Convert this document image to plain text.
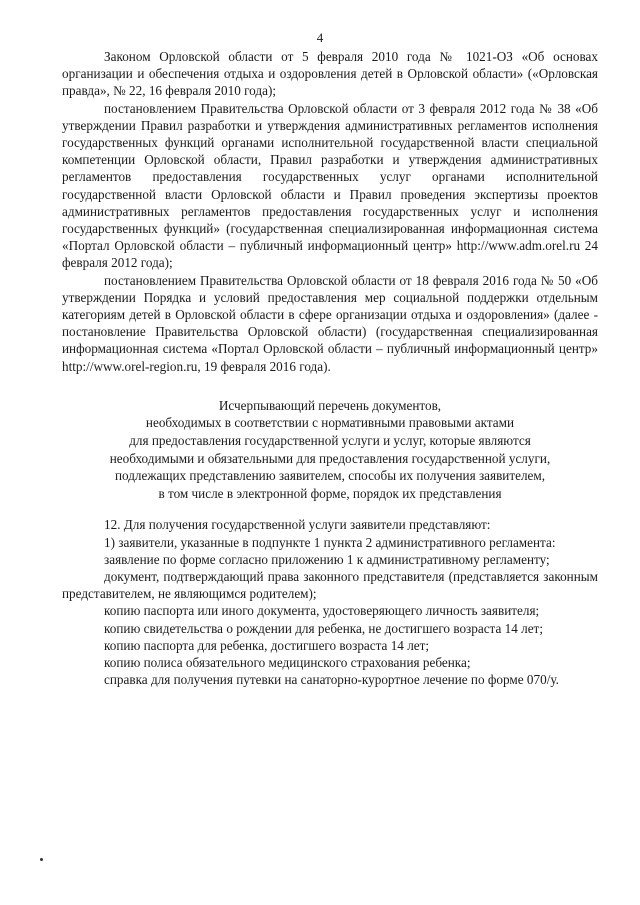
4

Законом Орловской области от 5 февраля 2010 года № 1021-ОЗ «Об основах организации и обеспечения отдыха и оздоровления детей в Орловской области» («Орловская правда», № 22, 16 февраля 2010 года);

постановлением Правительства Орловской области от 3 февраля 2012 года № 38 «Об утверждении Правил разработки и утверждения административных регламентов исполнения государственных функций органами исполнительной государственной власти специальной компетенции Орловской области, Правил разработки и утверждения административных регламентов предоставления государственных услуг органами исполнительной государственной власти Орловской области и Правил проведения экспертизы проектов административных регламентов предоставления государственных услуг и исполнения государственных функций» (государственная специализированная информационная система «Портал Орловской области – публичный информационный центр» http://www.adm.orel.ru 24 февраля 2012 года);

постановлением Правительства Орловской области от 18 февраля 2016 года № 50 «Об утверждении Порядка и условий предоставления мер социальной поддержки отдельным категориям детей в Орловской области в сфере организации отдыха и оздоровления» (далее - постановление Правительства Орловской области) (государственная специализированная информационная система «Портал Орловской области – публичный информационный центр» http://www.orel-region.ru, 19 февраля 2016 года).

Исчерпывающий перечень документов,
необходимых в соответствии с нормативными правовыми актами
для предоставления государственной услуги и услуг, которые являются
необходимыми и обязательными для предоставления государственной услуги,
подлежащих представлению заявителем, способы их получения заявителем,
в том числе в электронной форме, порядок их представления

12. Для получения государственной услуги заявители представляют:

1) заявители, указанные в подпункте 1 пункта 2 административного регламента:

заявление по форме согласно приложению 1 к административному регламенту;

документ, подтверждающий права законного представителя (представляется законным представителем, не являющимся родителем);

копию паспорта или иного документа, удостоверяющего личность заявителя;

копию свидетельства о рождении для ребенка, не достигшего возраста 14 лет;

копию паспорта для ребенка, достигшего возраста 14 лет;

копию полиса обязательного медицинского страхования ребенка;

справка для получения путевки на санаторно-курортное лечение по форме 070/у.
